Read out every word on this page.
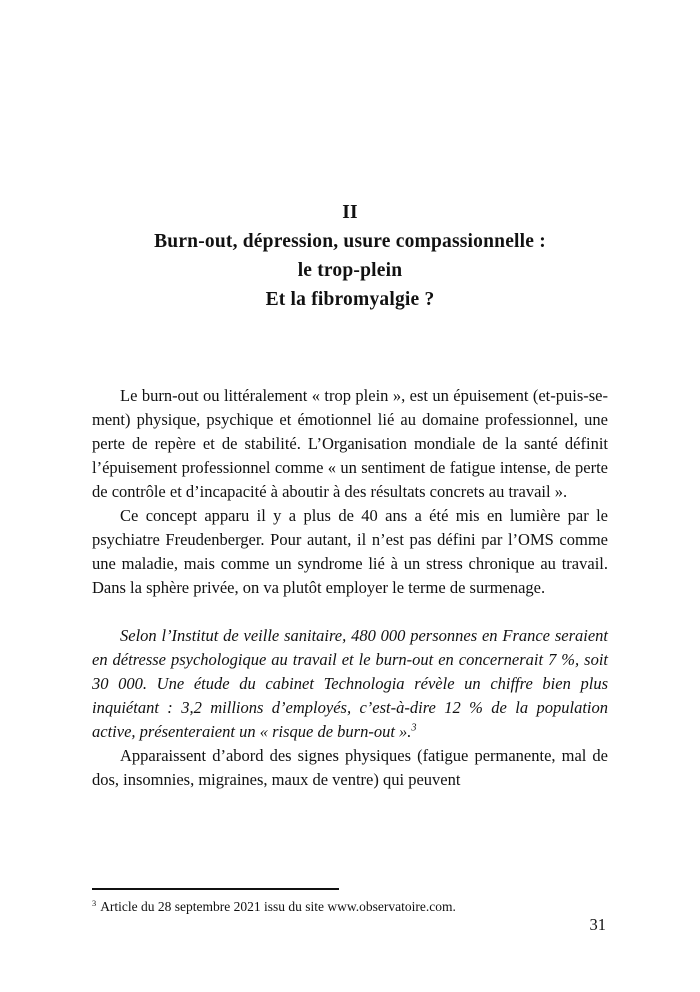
II
Burn-out, dépression, usure compassionnelle :
le trop-plein
Et la fibromyalgie ?

Le burn-out ou littéralement « trop plein », est un épuisement (et-puis-se-ment) physique, psychique et émotionnel lié au domaine professionnel, une perte de repère et de stabilité. L’Organisation mondiale de la santé définit l’épuisement professionnel comme « un sentiment de fatigue intense, de perte de contrôle et d’incapacité à aboutir à des résultats concrets au travail ».

Ce concept apparu il y a plus de 40 ans a été mis en lumière par le psychiatre Freudenberger. Pour autant, il n’est pas défini par l’OMS comme une maladie, mais comme un syndrome lié à un stress chronique au travail. Dans la sphère privée, on va plutôt employer le terme de surmenage.

Selon l’Institut de veille sanitaire, 480 000 personnes en France seraient en détresse psychologique au travail et le burn-out en concernerait 7 %, soit 30 000. Une étude du cabinet Technologia révèle un chiffre bien plus inquiétant : 3,2 millions d’employés, c’est-à-dire 12 % de la population active, présenteraient un « risque de burn-out ».$^3$

Apparaissent d’abord des signes physiques (fatigue permanente, mal de dos, insomnies, migraines, maux de ventre) qui peuvent

$^3$ Article du 28 septembre 2021 issu du site www.observatoire.com.
31
